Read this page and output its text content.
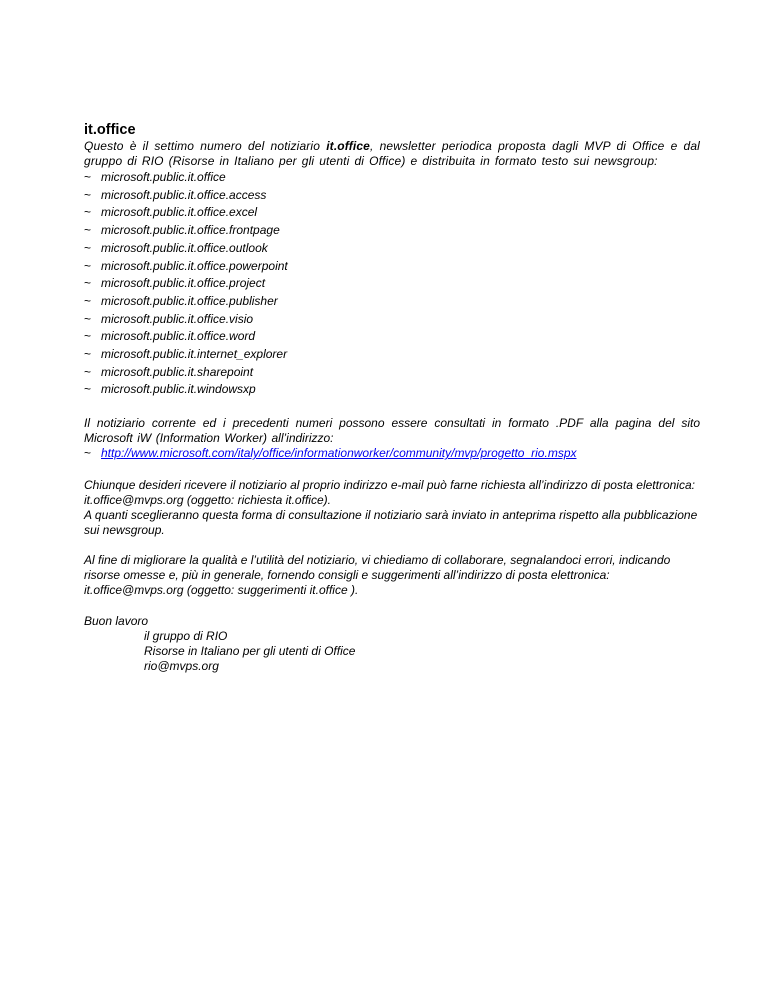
it.office

Questo è il settimo numero del notiziario it.office, newsletter periodica proposta dagli MVP di Office e dal gruppo di RIO (Risorse in Italiano per gli utenti di Office) e distribuita in formato testo sui newsgroup:

~ microsoft.public.it.office
~ microsoft.public.it.office.access
~ microsoft.public.it.office.excel
~ microsoft.public.it.office.frontpage
~ microsoft.public.it.office.outlook
~ microsoft.public.it.office.powerpoint
~ microsoft.public.it.office.project
~ microsoft.public.it.office.publisher
~ microsoft.public.it.office.visio
~ microsoft.public.it.office.word
~ microsoft.public.it.internet_explorer
~ microsoft.public.it.sharepoint
~ microsoft.public.it.windowsxp

Il notiziario corrente ed i precedenti numeri possono essere consultati in formato .PDF alla pagina del sito Microsoft iW (Information Worker) all’indirizzo:

~ http://www.microsoft.com/italy/office/informationworker/community/mvp/progetto_rio.mspx

Chiunque desideri ricevere il notiziario al proprio indirizzo e-mail può farne richiesta all’indirizzo di posta elettronica: it.office@mvps.org (oggetto: richiesta it.office).

A quanti sceglieranno questa forma di consultazione il notiziario sarà inviato in anteprima rispetto alla pubblicazione sui newsgroup.

Al fine di migliorare la qualità e l’utilità del notiziario, vi chiediamo di collaborare, segnalandoci errori, indicando risorse omesse e, più in generale, fornendo consigli e suggerimenti all’indirizzo di posta elettronica:

it.office@mvps.org (oggetto: suggerimenti it.office ).

Buon lavoro

il gruppo di RIO

Risorse in Italiano per gli utenti di Office

rio@mvps.org
